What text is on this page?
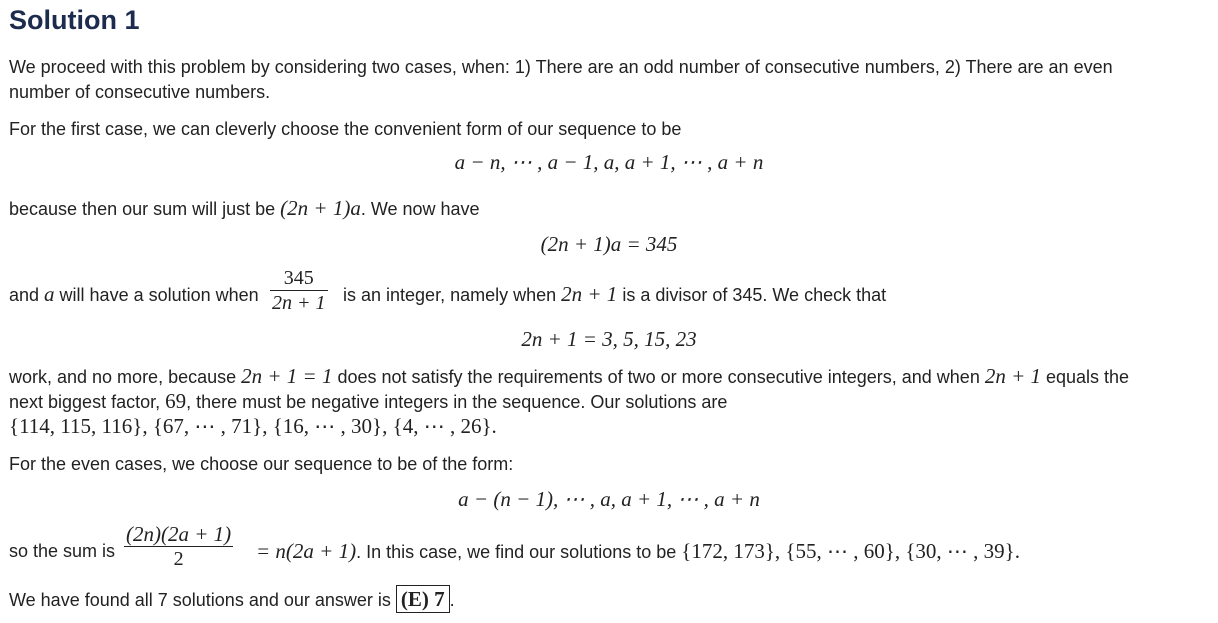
Solution 1
We proceed with this problem by considering two cases, when: 1) There are an odd number of consecutive numbers, 2) There are an even
number of consecutive numbers.
For the first case, we can cleverly choose the convenient form of our sequence to be
a − n, ⋯ , a − 1, a, a + 1, ⋯ , a + n
because then our sum will just be (2n + 1)a. We now have
(2n + 1)a = 345
and a will have a solution when
345
2n + 1 is an integer, namely when 2n + 1 is a divisor of 345. We check that
2n + 1 = 3, 5, 15, 23
work, and no more, because 2n + 1 = 1 does not satisfy the requirements of two or more consecutive integers, and when 2n + 1 equals the
next biggest factor, 69, there must be negative integers in the sequence. Our solutions are
{114, 115, 116}, {67, ⋯ , 71}, {16, ⋯ , 30}, {4, ⋯ , 26}.
For the even cases, we choose our sequence to be of the form:
a − (n − 1), ⋯ , a, a + 1, ⋯ , a + n
so the sum is
(2n)(2a + 1)
2	= n(2a + 1). In this case, we find our solutions to be {172, 173}, {55, ⋯ , 60}, {30, ⋯ , 39}.
We have found all 7 solutions and our answer is (E) 7 .
